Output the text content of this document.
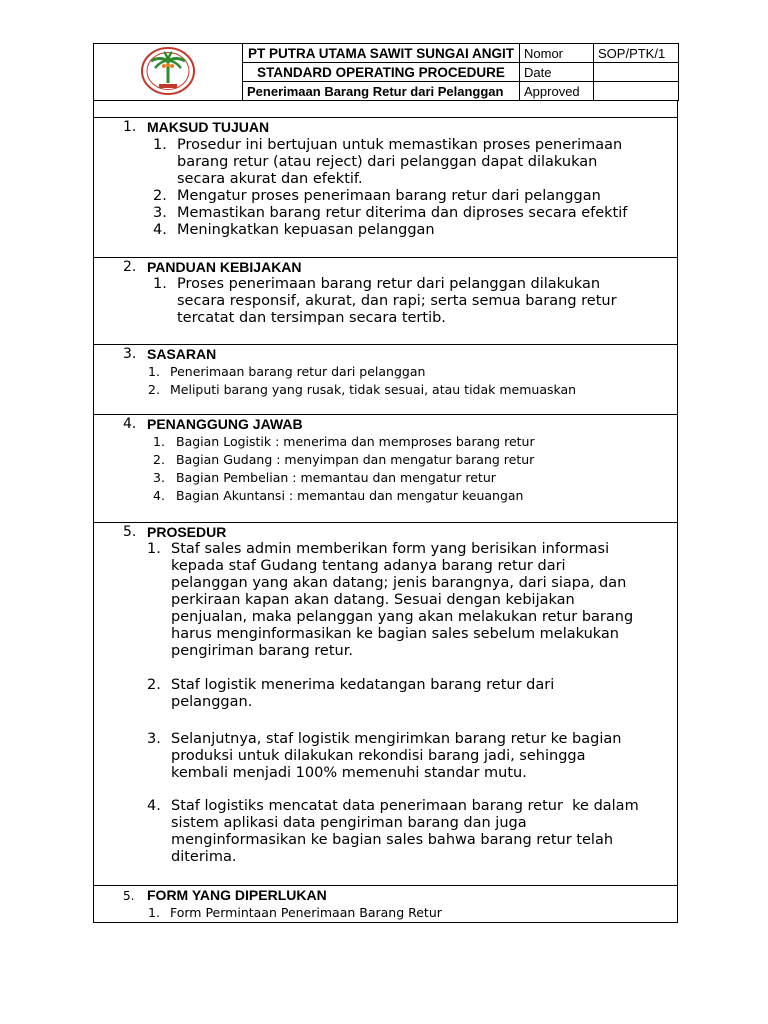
	PT PUTRA UTAMA SAWIT SUNGAI ANGIT	Nomor	SOP/PTK/1
	STANDARD OPERATING PROCEDURE	Date	
	Penerimaan Barang Retur dari Pelanggan	Approved	
1. MAKSUD TUJUAN
1. Prosedur ini bertujuan untuk memastikan proses penerimaan
barang retur (atau reject) dari pelanggan dapat dilakukan
secara akurat dan efektif.
2. Mengatur proses penerimaan barang retur dari pelanggan
3. Memastikan barang retur diterima dan diproses secara efektif
4. Meningkatkan kepuasan pelanggan
2. PANDUAN KEBIJAKAN
1. Proses penerimaan barang retur dari pelanggan dilakukan
secara responsif, akurat, dan rapi; serta semua barang retur
tercatat dan tersimpan secara tertib.
3. SASARAN
1. Penerimaan barang retur dari pelanggan
2. Meliputi barang yang rusak, tidak sesuai, atau tidak memuaskan
4. PENANGGUNG JAWAB
1. Bagian Logistik : menerima dan memproses barang retur
2. Bagian Gudang : menyimpan dan mengatur barang retur
3. Bagian Pembelian : memantau dan mengatur retur
4. Bagian Akuntansi : memantau dan mengatur keuangan
5. PROSEDUR
1. Staf sales admin memberikan form yang berisikan informasi
kepada staf Gudang tentang adanya barang retur dari
pelanggan yang akan datang; jenis barangnya, dari siapa, dan
perkiraan kapan akan datang. Sesuai dengan kebijakan
penjualan, maka pelanggan yang akan melakukan retur barang
harus menginformasikan ke bagian sales sebelum melakukan
pengiriman barang retur.
2. Staf logistik menerima kedatangan barang retur dari
pelanggan.
3. Selanjutnya, staf logistik mengirimkan barang retur ke bagian
produksi untuk dilakukan rekondisi barang jadi, sehingga
kembali menjadi 100% memenuhi standar mutu.
4. Staf logistiks mencatat data penerimaan barang retur  ke dalam
sistem aplikasi data pengiriman barang dan juga
menginformasikan ke bagian sales bahwa barang retur telah
diterima.
5. FORM YANG DIPERLUKAN
1. Form Permintaan Penerimaan Barang Retur
